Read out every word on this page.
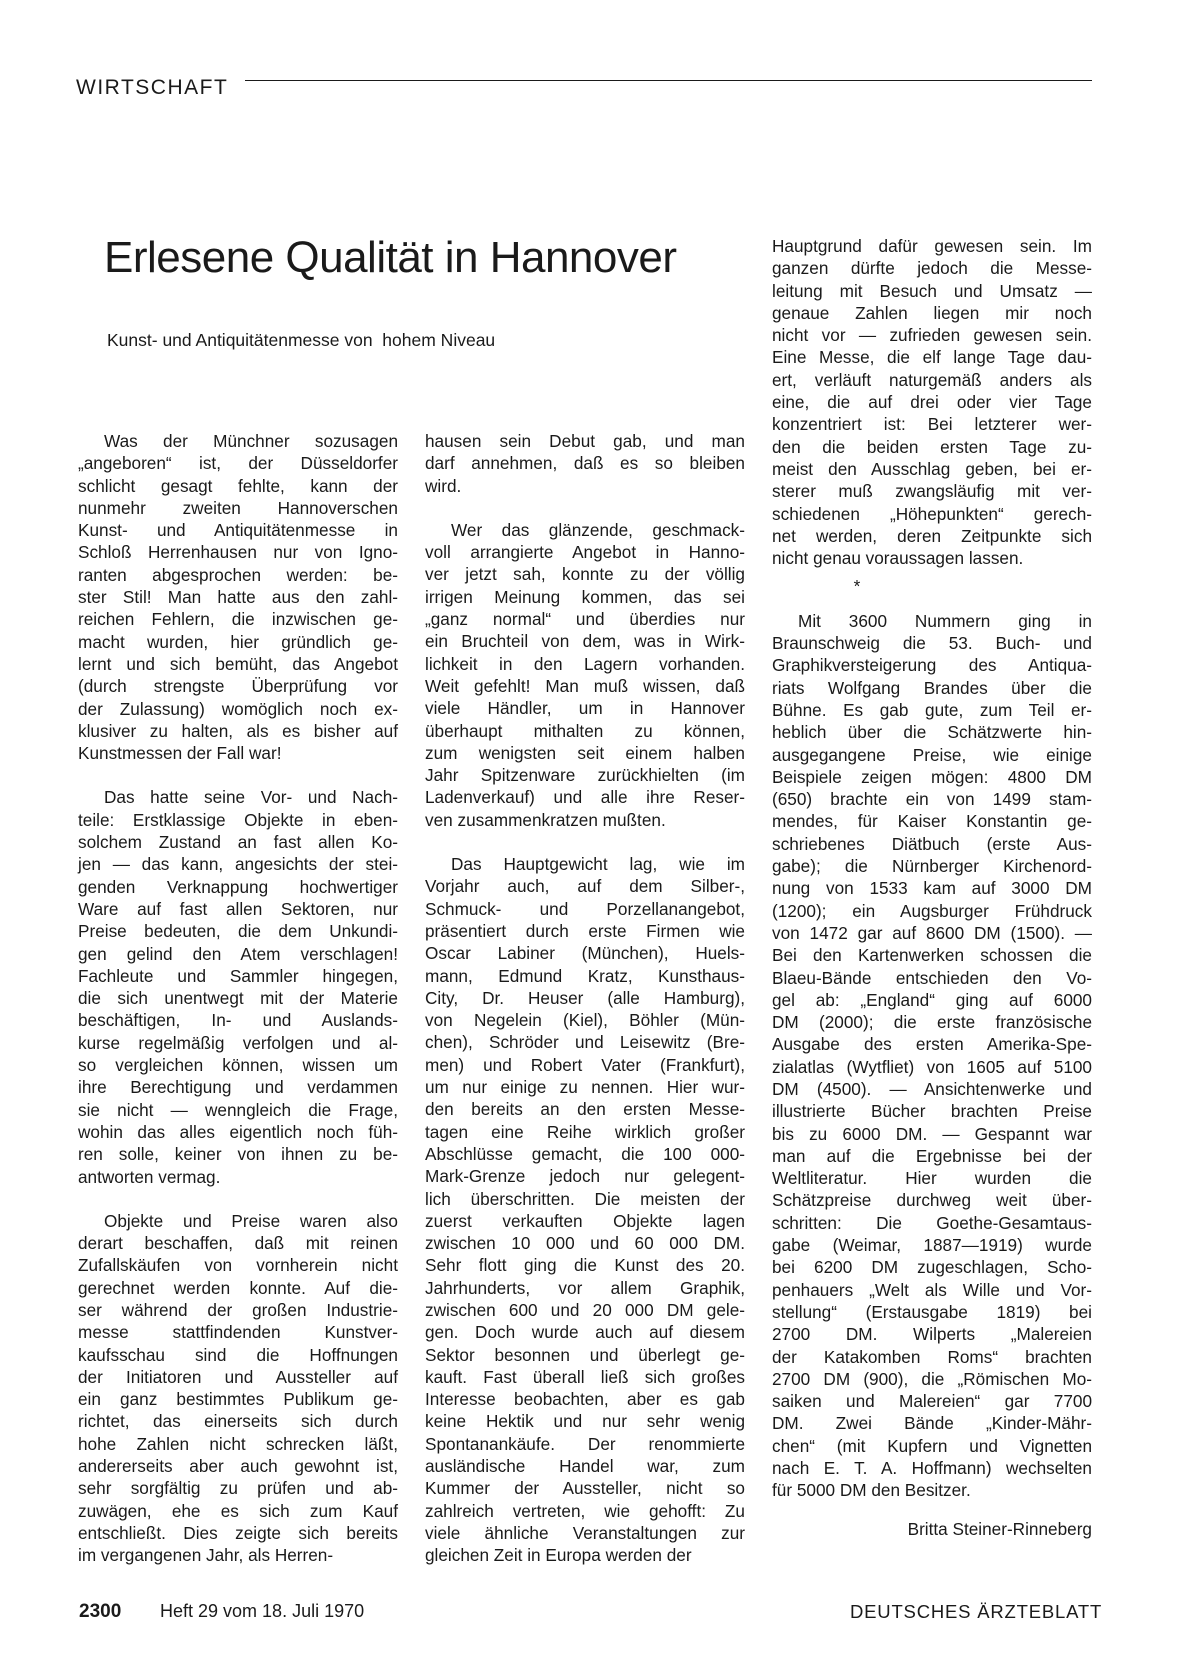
WIRTSCHAFT
Erlesene Qualität in Hannover
Kunst- und Antiquitätenmesse von  hohem Niveau

Was der Münchner sozusagen
„angeboren“ ist, der Düsseldorfer
schlicht gesagt fehlte, kann der
nunmehr zweiten Hannoverschen
Kunst- und Antiquitätenmesse in
Schloß Herrenhausen nur von Igno-
ranten abgesprochen werden: be-
ster Stil! Man hatte aus den zahl-
reichen Fehlern, die inzwischen ge-
macht wurden, hier gründlich ge-
lernt und sich bemüht, das Angebot
(durch strengste Überprüfung vor
der Zulassung) womöglich noch ex-
klusiver zu halten, als es bisher auf
Kunstmessen der Fall war!

Das hatte seine Vor- und Nach-
teile: Erstklassige Objekte in eben-
solchem Zustand an fast allen Ko-
jen — das kann, angesichts der stei-
genden Verknappung hochwertiger
Ware auf fast allen Sektoren, nur
Preise bedeuten, die dem Unkundi-
gen gelind den Atem verschlagen!
Fachleute und Sammler hingegen,
die sich unentwegt mit der Materie
beschäftigen, In- und Auslands-
kurse regelmäßig verfolgen und al-
so vergleichen können, wissen um
ihre Berechtigung und verdammen
sie nicht — wenngleich die Frage,
wohin das alles eigentlich noch füh-
ren solle, keiner von ihnen zu be-
antworten vermag.

Objekte und Preise waren also
derart beschaffen, daß mit reinen
Zufallskäufen von vornherein nicht
gerechnet werden konnte. Auf die-
ser während der großen Industrie-
messe stattfindenden Kunstver-
kaufsschau sind die Hoffnungen
der Initiatoren und Aussteller auf
ein ganz bestimmtes Publikum ge-
richtet, das einerseits sich durch
hohe Zahlen nicht schrecken läßt,
andererseits aber auch gewohnt ist,
sehr sorgfältig zu prüfen und ab-
zuwägen, ehe es sich zum Kauf
entschließt. Dies zeigte sich bereits
im vergangenen Jahr, als Herren-

hausen sein Debut gab, und man
darf annehmen, daß es so bleiben
wird.

Wer das glänzende, geschmack-
voll arrangierte Angebot in Hanno-
ver jetzt sah, konnte zu der völlig
irrigen Meinung kommen, das sei
„ganz normal“ und überdies nur
ein Bruchteil von dem, was in Wirk-
lichkeit in den Lagern vorhanden.
Weit gefehlt! Man muß wissen, daß
viele Händler, um in Hannover
überhaupt mithalten zu können,
zum wenigsten seit einem halben
Jahr Spitzenware zurückhielten (im
Ladenverkauf) und alle ihre Reser-
ven zusammenkratzen mußten.

Das Hauptgewicht lag, wie im
Vorjahr auch, auf dem Silber-,
Schmuck- und Porzellanangebot,
präsentiert durch erste Firmen wie
Oscar Labiner (München), Huels-
mann, Edmund Kratz, Kunsthaus-
City, Dr. Heuser (alle Hamburg),
von Negelein (Kiel), Böhler (Mün-
chen), Schröder und Leisewitz (Bre-
men) und Robert Vater (Frankfurt),
um nur einige zu nennen. Hier wur-
den bereits an den ersten Messe-
tagen eine Reihe wirklich großer
Abschlüsse gemacht, die 100 000-
Mark-Grenze jedoch nur gelegent-
lich überschritten. Die meisten der
zuerst verkauften Objekte lagen
zwischen 10 000 und 60 000 DM.
Sehr flott ging die Kunst des 20.
Jahrhunderts, vor allem Graphik,
zwischen 600 und 20 000 DM gele-
gen. Doch wurde auch auf diesem
Sektor besonnen und überlegt ge-
kauft. Fast überall ließ sich großes
Interesse beobachten, aber es gab
keine Hektik und nur sehr wenig
Spontanankäufe. Der renommierte
ausländische Handel war, zum
Kummer der Aussteller, nicht so
zahlreich vertreten, wie gehofft: Zu
viele ähnliche Veranstaltungen zur
gleichen Zeit in Europa werden der

Hauptgrund dafür gewesen sein. Im
ganzen dürfte jedoch die Messe-
leitung mit Besuch und Umsatz —
genaue Zahlen liegen mir noch
nicht vor — zufrieden gewesen sein.
Eine Messe, die elf lange Tage dau-
ert, verläuft naturgemäß anders als
eine, die auf drei oder vier Tage
konzentriert ist: Bei letzterer wer-
den die beiden ersten Tage zu-
meist den Ausschlag geben, bei er-
sterer muß zwangsläufig mit ver-
schiedenen „Höhepunkten“ gerech-
net werden, deren Zeitpunkte sich
nicht genau voraussagen lassen.

*

Mit 3600 Nummern ging in
Braunschweig die 53. Buch- und
Graphikversteigerung des Antiqua-
riats Wolfgang Brandes über die
Bühne. Es gab gute, zum Teil er-
heblich über die Schätzwerte hin-
ausgegangene Preise, wie einige
Beispiele zeigen mögen: 4800 DM
(650) brachte ein von 1499 stam-
mendes, für Kaiser Konstantin ge-
schriebenes Diätbuch (erste Aus-
gabe); die Nürnberger Kirchenord-
nung von 1533 kam auf 3000 DM
(1200); ein Augsburger Frühdruck
von 1472 gar auf 8600 DM (1500). —
Bei den Kartenwerken schossen die
Blaeu-Bände entschieden den Vo-
gel ab: „England“ ging auf 6000
DM (2000); die erste französische
Ausgabe des ersten Amerika-Spe-
zialatlas (Wytfliet) von 1605 auf 5100
DM (4500). — Ansichtenwerke und
illustrierte Bücher brachten Preise
bis zu 6000 DM. — Gespannt war
man auf die Ergebnisse bei der
Weltliteratur. Hier wurden die
Schätzpreise durchweg weit über-
schritten: Die Goethe-Gesamtaus-
gabe (Weimar, 1887—1919) wurde
bei 6200 DM zugeschlagen, Scho-
penhauers „Welt als Wille und Vor-
stellung“ (Erstausgabe 1819) bei
2700 DM. Wilperts „Malereien
der Katakomben Roms“ brachten
2700 DM (900), die „Römischen Mo-
saiken und Malereien“ gar 7700
DM. Zwei Bände „Kinder-Mähr-
chen“ (mit Kupfern und Vignetten
nach E. T. A. Hoffmann) wechselten
für 5000 DM den Besitzer.

Britta Steiner-Rinneberg
2300 Heft 29 vom 18. Juli 1970	DEUTSCHES ÄRZTEBLATT
